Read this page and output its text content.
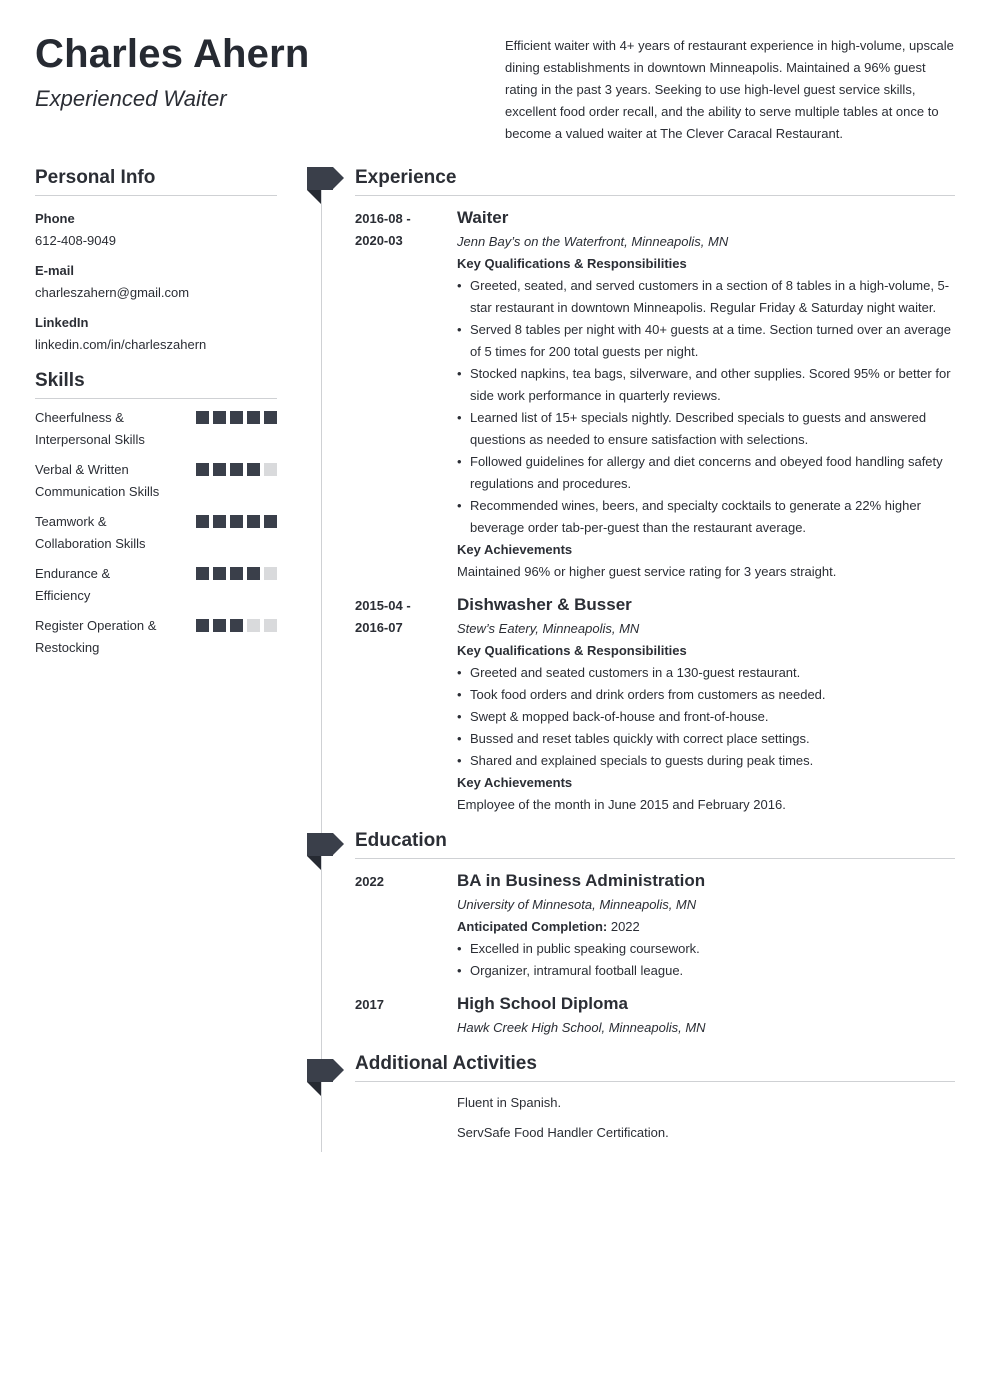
Charles Ahern
Experienced Waiter
Efficient waiter with 4+ years of restaurant experience in high-volume, upscale dining establishments in downtown Minneapolis. Maintained a 96% guest rating in the past 3 years. Seeking to use high-level guest service skills, excellent food order recall, and the ability to serve multiple tables at once to become a valued waiter at The Clever Caracal Restaurant.
Personal Info
Phone
612-408-9049
E-mail
charleszahern@gmail.com
LinkedIn
linkedin.com/in/charleszahern
Skills
Cheerfulness & Interpersonal Skills
Verbal & Written Communication Skills
Teamwork & Collaboration Skills
Endurance & Efficiency
Register Operation & Restocking
Experience
2016-08 - 2020-03
Waiter
Jenn Bay’s on the Waterfront, Minneapolis, MN
Key Qualifications & Responsibilities
• Greeted, seated, and served customers in a section of 8 tables in a high-volume, 5-star restaurant in downtown Minneapolis. Regular Friday & Saturday night waiter.
• Served 8 tables per night with 40+ guests at a time. Section turned over an average of 5 times for 200 total guests per night.
• Stocked napkins, tea bags, silverware, and other supplies. Scored 95% or better for side work performance in quarterly reviews.
• Learned list of 15+ specials nightly. Described specials to guests and answered questions as needed to ensure satisfaction with selections.
• Followed guidelines for allergy and diet concerns and obeyed food handling safety regulations and procedures.
• Recommended wines, beers, and specialty cocktails to generate a 22% higher beverage order tab-per-guest than the restaurant average.
Key Achievements
Maintained 96% or higher guest service rating for 3 years straight.
2015-04 - 2016-07
Dishwasher & Busser
Stew’s Eatery, Minneapolis, MN
Key Qualifications & Responsibilities
• Greeted and seated customers in a 130-guest restaurant.
• Took food orders and drink orders from customers as needed.
• Swept & mopped back-of-house and front-of-house.
• Bussed and reset tables quickly with correct place settings.
• Shared and explained specials to guests during peak times.
Key Achievements
Employee of the month in June 2015 and February 2016.
Education
2022	BA in Business Administration
University of Minnesota, Minneapolis, MN
Anticipated Completion: 2022
• Excelled in public speaking coursework.
• Organizer, intramural football league.
2017	High School Diploma
Hawk Creek High School, Minneapolis, MN
Additional Activities
Fluent in Spanish.
ServSafe Food Handler Certification.
